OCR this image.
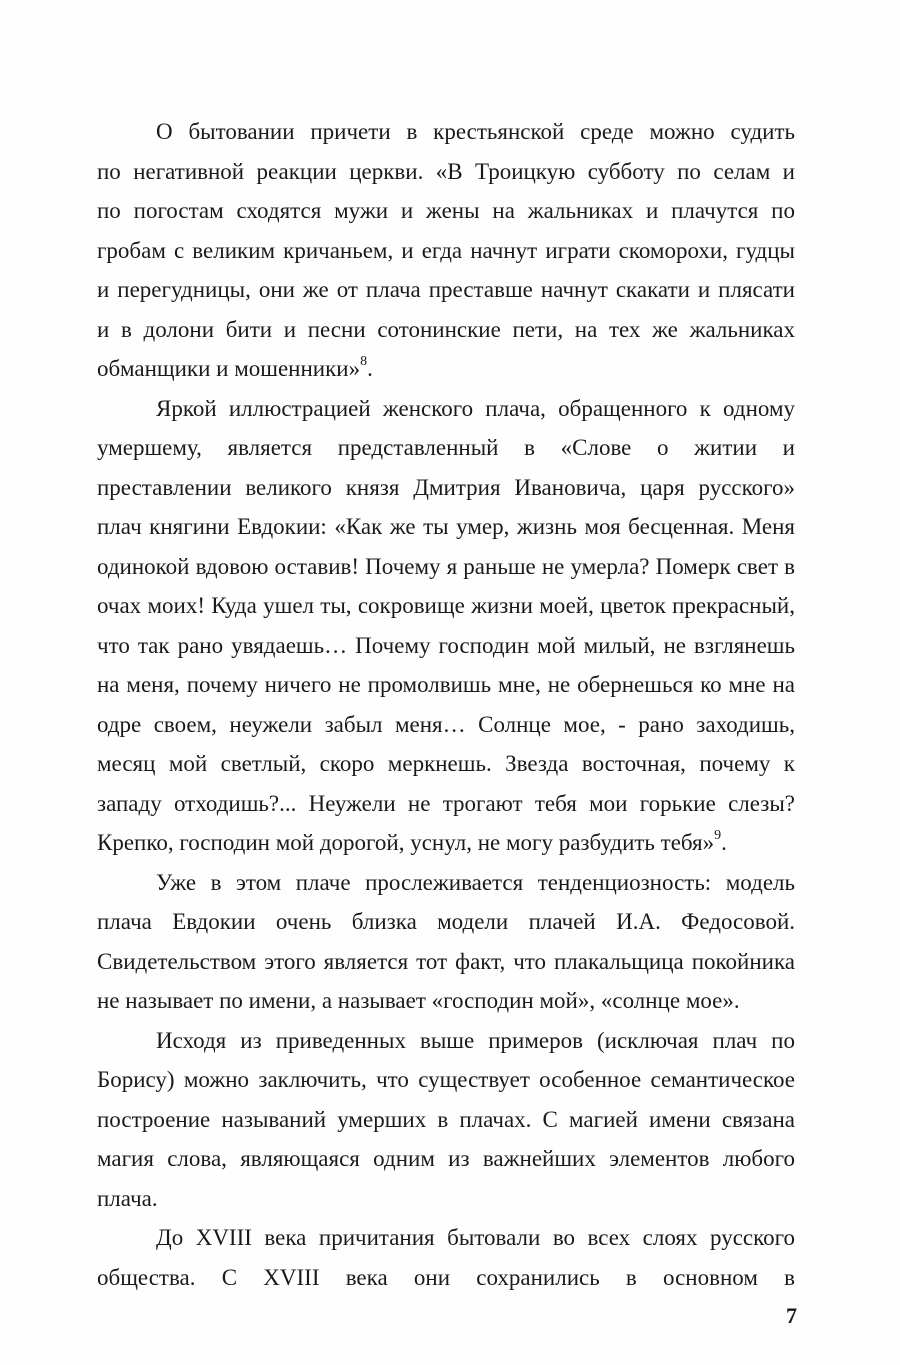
О бытовании причети в крестьянской среде можно судить
по негативной реакции церкви. «В Троицкую субботу по селам и
по погостам сходятся мужи и жены на жальниках и плачутся по
гробам с великим кричаньем, и егда начнут играти скоморохи, гудцы
и перегудницы, они же от плача преставше начнут скакати и плясати
и в долони бити и песни сотонинские пети, на тех же жальниках
обманщики и мошенники»$^8$.
Яркой иллюстрацией женского плача, обращенного к одному
умершему, является представленный в «Слове о житии и
преставлении великого князя Дмитрия Ивановича, царя русского»
плач княгини Евдокии: «Как же ты умер, жизнь моя бесценная. Меня
одинокой вдовою оставив! Почему я раньше не умерла? Померк свет в
очах моих! Куда ушел ты, сокровище жизни моей, цветок прекрасный,
что так рано увядаешь… Почему господин мой милый, не взглянешь
на меня, почему ничего не промолвишь мне, не обернешься ко мне на
одре своем, неужели забыл меня… Солнце мое, - рано заходишь,
месяц мой светлый, скоро меркнешь. Звезда восточная, почему к
западу отходишь?... Неужели не трогают тебя мои горькие слезы?
Крепко, господин мой дорогой, уснул, не могу разбудить тебя»$^9$.
Уже в этом плаче прослеживается тенденциозность: модель
плача Евдокии очень близка модели плачей И.А. Федосовой.
Свидетельством этого является тот факт, что плакальщица покойника
не называет по имени, а называет «господин мой», «солнце мое».
Исходя из приведенных выше примеров (исключая плач по
Борису) можно заключить, что существует особенное семантическое
построение называний умерших в плачах. С магией имени связана
магия слова, являющаяся одним из важнейших элементов любого
плача.
До XVIII века причитания бытовали во всех слоях русского
общества. С XVIII века они сохранились в основном в
7
